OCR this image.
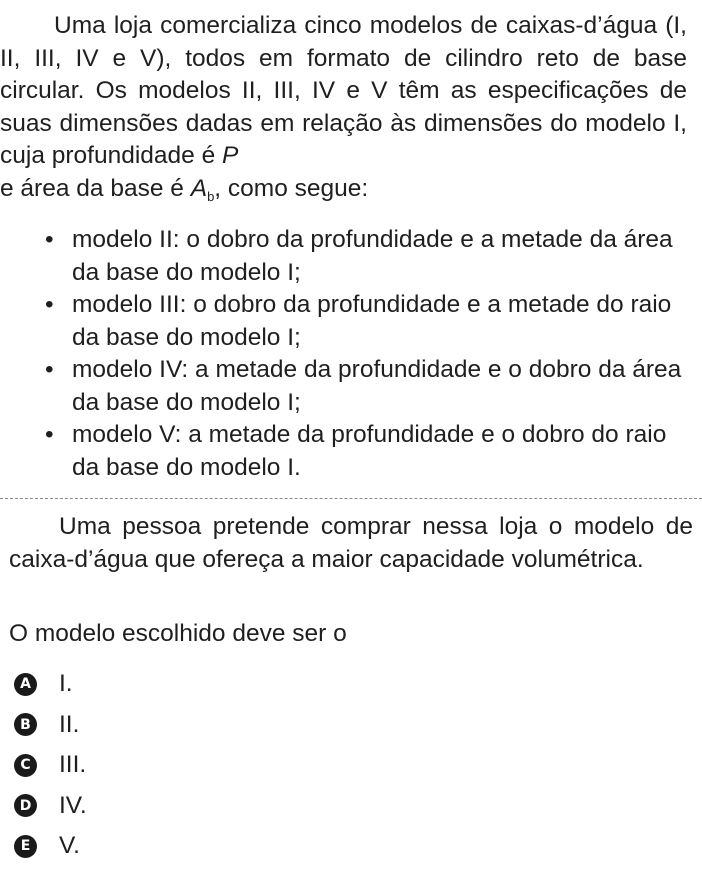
Uma loja comercializa cinco modelos de caixas-d’água (I, II, III, IV e V), todos em formato de cilindro reto de base circular. Os modelos II, III, IV e V têm as especificações de suas dimensões dadas em relação às dimensões do modelo I, cuja profundidade é P
e área da base é $A_b$, como segue:

• modelo II: o dobro da profundidade e a metade da área da base do modelo I;
• modelo III: o dobro da profundidade e a metade do raio da base do modelo I;
• modelo IV: a metade da profundidade e o dobro da área da base do modelo I;
• modelo V: a metade da profundidade e o dobro do raio da base do modelo I.

Uma pessoa pretende comprar nessa loja o modelo de caixa-d’água que ofereça a maior capacidade volumétrica.

O modelo escolhido deve ser o

A I.
B II.
C III.
D IV.
E V.
